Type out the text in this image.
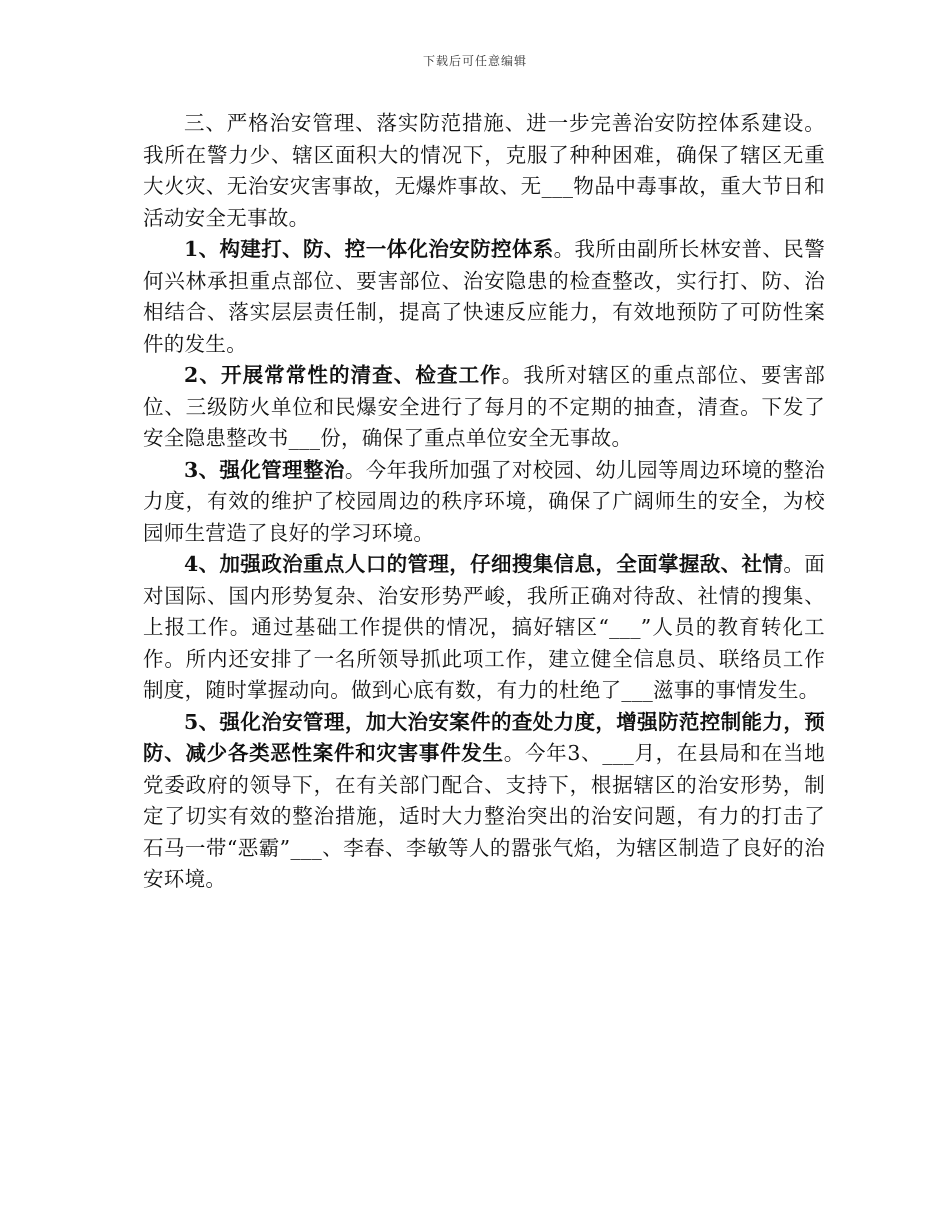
下载后可任意编辑

三、严格治安管理、落实防范措施、进一步完善治安防控体系建设。我所在警力少、辖区面积大的情况下，克服了种种困难，确保了辖区无重大火灾、无治安灾害事故，无爆炸事故、无___物品中毒事故，重大节日和活动安全无事故。

1、构建打、防、控一体化治安防控体系。我所由副所长林安普、民警何兴林承担重点部位、要害部位、治安隐患的检查整改，实行打、防、治相结合、落实层层责任制，提高了快速反应能力，有效地预防了可防性案件的发生。

2、开展常常性的清查、检查工作。我所对辖区的重点部位、要害部位、三级防火单位和民爆安全进行了每月的不定期的抽查，清查。下发了安全隐患整改书___份，确保了重点单位安全无事故。

3、强化管理整治。今年我所加强了对校园、幼儿园等周边环境的整治力度，有效的维护了校园周边的秩序环境，确保了广阔师生的安全，为校园师生营造了良好的学习环境。

4、加强政治重点人口的管理，仔细搜集信息，全面掌握敌、社情。面对国际、国内形势复杂、治安形势严峻，我所正确对待敌、社情的搜集、上报工作。通过基础工作提供的情况，搞好辖区“___”人员的教育转化工作。所内还安排了一名所领导抓此项工作，建立健全信息员、联络员工作制度，随时掌握动向。做到心底有数，有力的杜绝了___滋事的事情发生。

5、强化治安管理，加大治安案件的查处力度，增强防范控制能力，预防、减少各类恶性案件和灾害事件发生。今年3、___月，在县局和在当地党委政府的领导下，在有关部门配合、支持下，根据辖区的治安形势，制定了切实有效的整治措施，适时大力整治突出的治安问题，有力的打击了石马一带“恶霸”___、李春、李敏等人的嚣张气焰，为辖区制造了良好的治安环境。
